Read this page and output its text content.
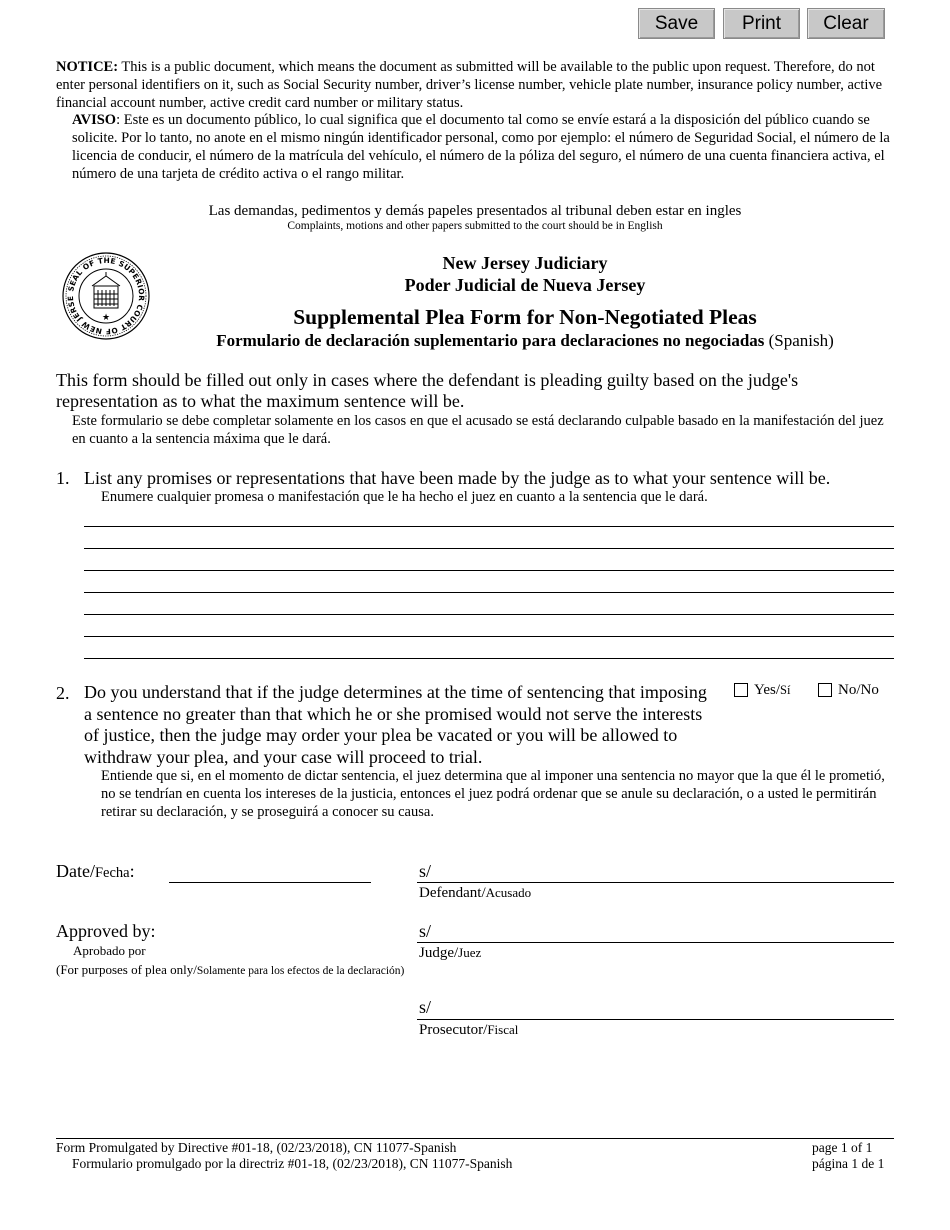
Save	Print	Clear
NOTICE: This is a public document, which means the document as submitted will be available to the public upon request. Therefore, do not enter personal identifiers on it, such as Social Security number, driver’s license number, vehicle plate number, insurance policy number, active financial account number, active credit card number or military status.
AVISO: Este es un documento público, lo cual significa que el documento tal como se envíe estará a la disposición del público cuando se solicite. Por lo tanto, no anote en el mismo ningún identificador personal, como por ejemplo: el número de Seguridad Social, el número de la licencia de conducir, el número de la matrícula del vehículo, el número de la póliza del seguro, el número de una cuenta financiera activa, el número de una tarjeta de crédito activa o el rango militar.
Las demandas, pedimentos y demás papeles presentados al tribunal deben estar en ingles
Complaints, motions and other papers submitted to the court should be in English
SEAL OF THE SUPERIOR COURT OF NEW JERSE
★
New Jersey Judiciary
Poder Judicial de Nueva Jersey
Supplemental Plea Form for Non-Negotiated Pleas
Formulario de declaración suplementario para declaraciones no negociadas (Spanish)
This form should be filled out only in cases where the defendant is pleading guilty based on the judge's representation as to what the maximum sentence will be.
Este formulario se debe completar solamente en los casos en que el acusado se está declarando culpable basado en la manifestación del juez en cuanto a la sentencia máxima que le dará.
1. List any promises or representations that have been made by the judge as to what your sentence will be.
Enumere cualquier promesa o manifestación que le ha hecho el juez en cuanto a la sentencia que le dará.
2. Do you understand that if the judge determines at the time of sentencing that imposing a sentence no greater than that which he or she promised would not serve the interests of justice, then the judge may order your plea be vacated or you will be allowed to withdraw your plea, and your case will proceed to trial.
Yes/Sí	No/No
Entiende que si, en el momento de dictar sentencia, el juez determina que al imponer una sentencia no mayor que la que él le prometió, no se tendrían en cuenta los intereses de la justicia, entonces el juez podrá ordenar que se anule su declaración, o a usted le permitirán retirar su declaración, y se proseguirá a conocer su causa.
Date/Fecha:	s/
Defendant/Acusado
Approved by:
Aprobado por
(For purposes of plea only/Solamente para los efectos de la declaración)
s/
Judge/Juez
s/
Prosecutor/Fiscal
Form Promulgated by Directive #01-18, (02/23/2018), CN 11077-Spanish
Formulario promulgado por la directriz #01-18, (02/23/2018), CN 11077-Spanish
page 1 of 1
página 1 de 1
